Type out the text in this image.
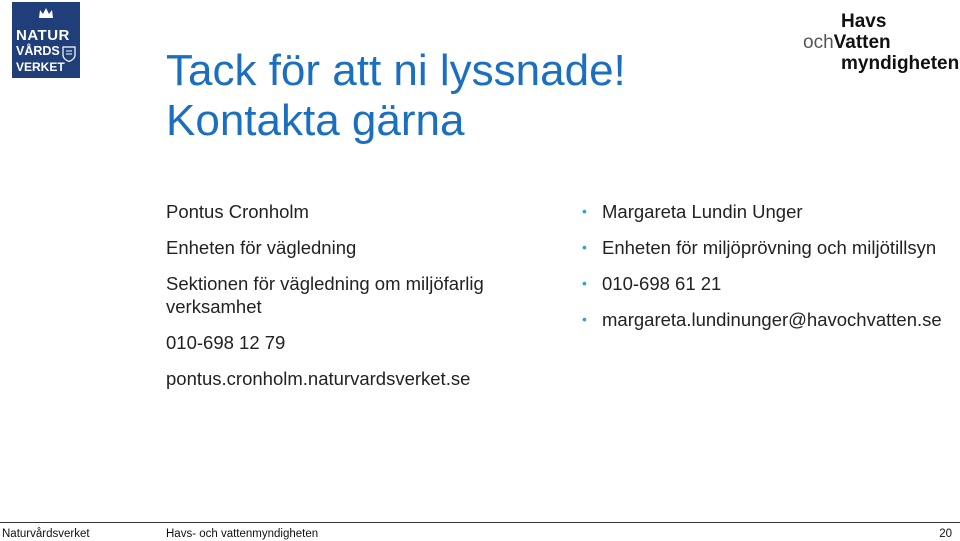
NATUR
VÅRDS
VERKET
Havs
ochVatten
myndigheten
Tack för att ni lyssnade!
Kontakta gärna

Pontus Cronholm

Enheten för vägledning

Sektionen för vägledning om miljöfarlig verksamhet

010-698 12 79

pontus.cronholm.naturvardsverket.se

• Margareta Lundin Unger
• Enheten för miljöprövning och miljötillsyn
• 010-698 61 21
• margareta.lundinunger@havochvatten.se
Naturvårdsverket	Havs- och vattenmyndigheten	20
